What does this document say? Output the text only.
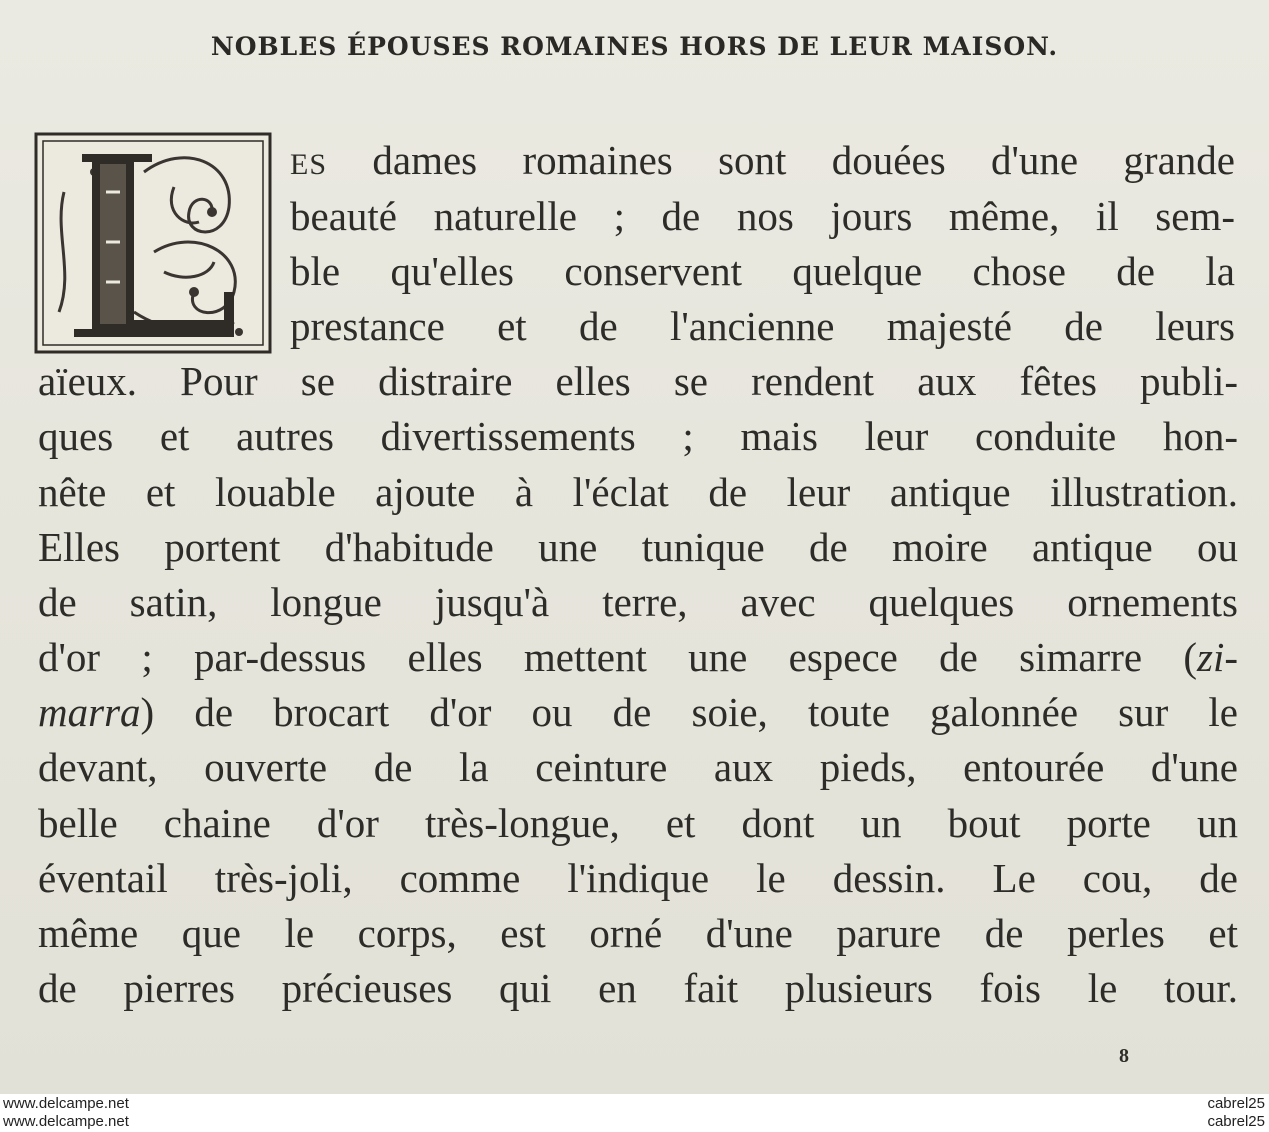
NOBLES ÉPOUSES ROMAINES HORS DE LEUR MAISON.
ES dames romaines sont douées d'une grande
beauté naturelle ; de nos jours même, il sem-
ble qu'elles conservent quelque chose de la
prestance et de l'ancienne majesté de leurs
aïeux. Pour se distraire elles se rendent aux fêtes publi-
ques et autres divertissements ; mais leur conduite hon-
nête et louable ajoute à l'éclat de leur antique illustration.
Elles portent d'habitude une tunique de moire antique ou
de satin, longue jusqu'à terre, avec quelques ornements
d'or ; par-dessus elles mettent une espece de simarre (zi-
marra) de brocart d'or ou de soie, toute galonnée sur le
devant, ouverte de la ceinture aux pieds, entourée d'une
belle chaine d'or très-longue, et dont un bout porte un
éventail très-joli, comme l'indique le dessin. Le cou, de
même que le corps, est orné d'une parure de perles et
de pierres précieuses qui en fait plusieurs fois le tour.
8
www.delcampe.net
www.delcampe.net
cabrel25
cabrel25
